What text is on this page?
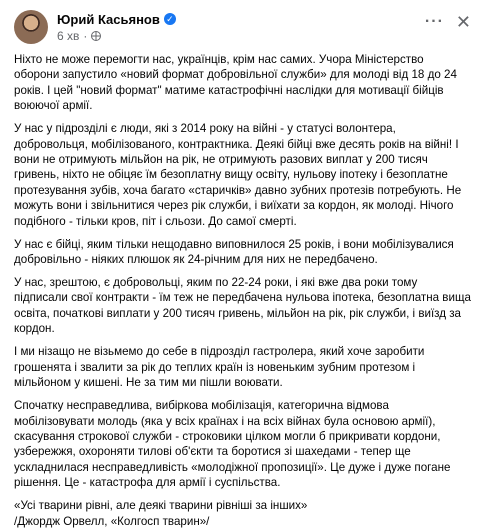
Юрий Касьянов ✓
6 хв ·
··· ✕

Ніхто не може перемогти нас, українців, крім нас самих. Учора Міністерство оборони запустило «новий формат добровільної служби» для молоді від 18 до 24 років. І цей "новий формат" матиме катастрофічні наслідки для мотивації бійців воюючої армії.

У нас у підрозділі є люди, які з 2014 року на війні - у статусі волонтера, добровольця, мобілізованого, контрактника. Деякі бійці вже десять років на війні! І вони не отримують мільйон на рік, не отримують разових виплат у 200 тисяч гривень, ніхто не обіцяє їм безоплатну вищу освіту, нульову іпотеку і безоплатне протезування зубів, хоча багато «старичків» давно зубних протезів потребують. Не можуть вони і звільнитися через рік служби, і виїхати за кордон, як молоді. Нічого подібного - тільки кров, піт і сльози. До самої смерті.

У нас є бійці, яким тільки нещодавно виповнилося 25 років, і вони мобілізувалися добровільно - ніяких плюшок як 24-річним для них не передбачено.

У нас, зрештою, є добровольці, яким по 22-24 роки, і які вже два роки тому підписали свої контракти - їм теж не передбачена нульова іпотека, безоплатна вища освіта, початкові виплати у 200 тисяч гривень, мільйон на рік, рік служби, і виїзд за кордон.

І ми нізащо не візьмемо до себе в підрозділ гастролера, який хоче заробити грошенята і звалити за рік до теплих країн із новеньким зубним протезом і мільйоном у кишені. Не за тим ми пішли воювати.

Спочатку несправедлива, вибіркова мобілізація, категорична відмова мобілізовувати молодь (яка у всіх країнах і на всіх війнах була основою армії), скасування строкової служби - строковики цілком могли б прикривати кордони, узбережжя, охороняти тилові об'єкти та боротися зі шахедами - тепер ще ускладнилася несправедливість «молодіжної пропозиції». Це дуже і дуже погане рішення. Це - катастрофа для армії і суспільства.

«Усі тварини рівні, але деякі тварини рівніші за інших»
/Джордж Орвелл, «Колгосп тварин»/
